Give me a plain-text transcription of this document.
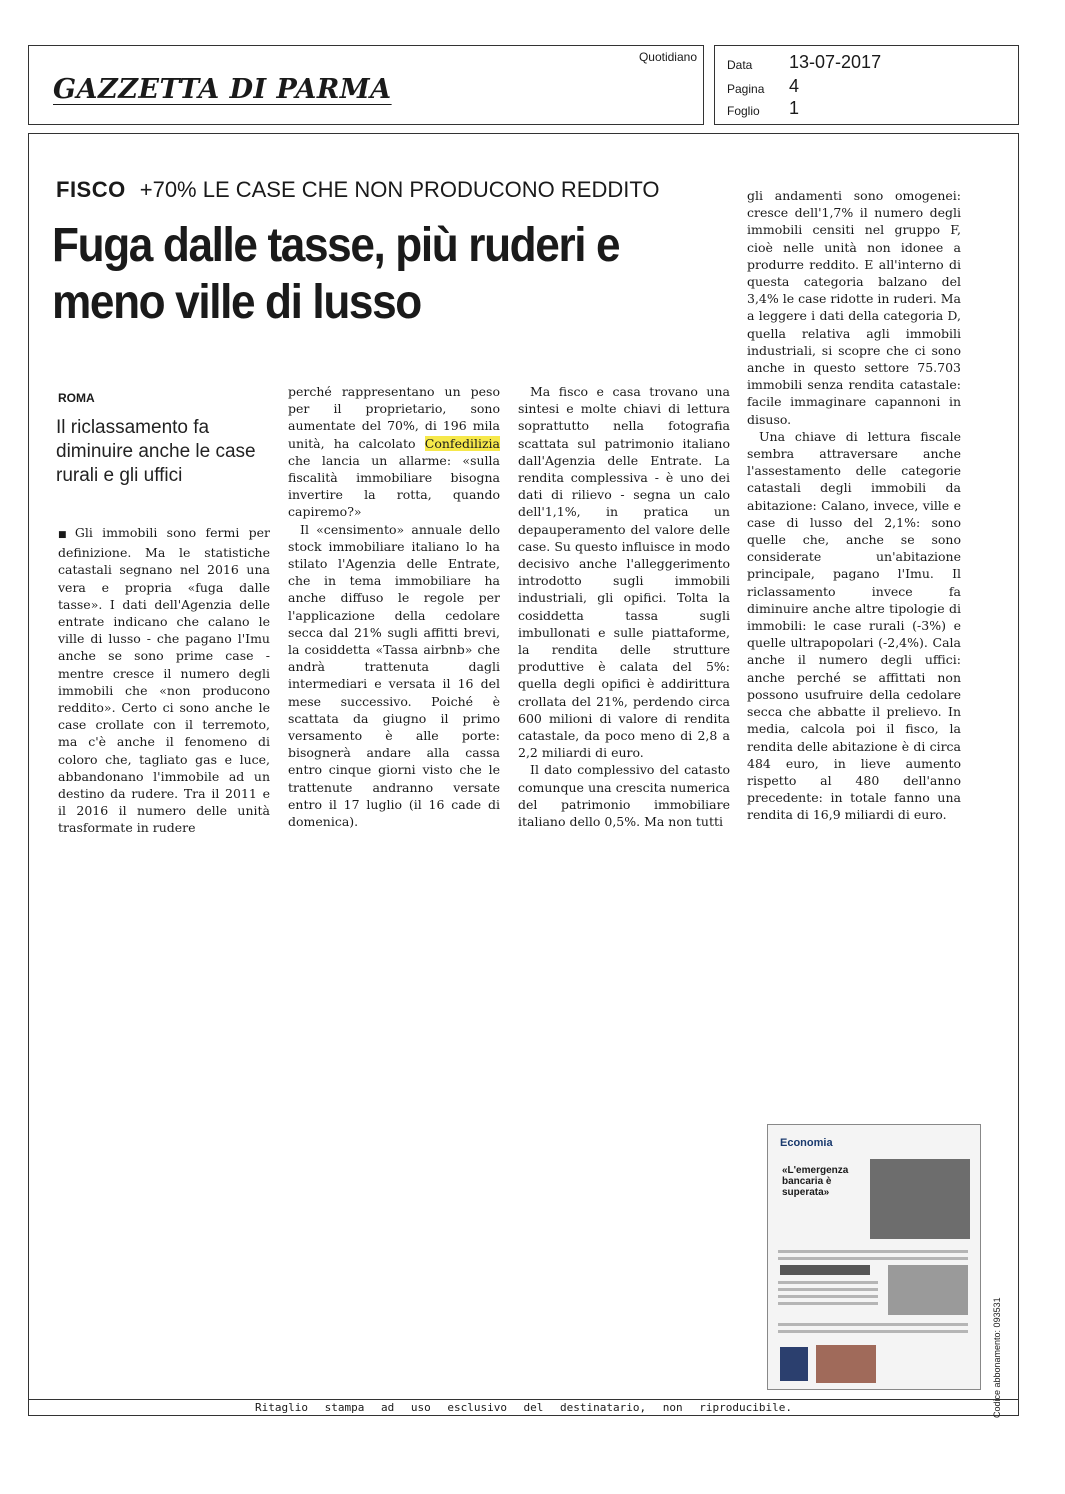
GAZZETTA DI PARMA
Quotidiano
Data 13-07-2017
Pagina 4
Foglio 1
FISCO +70% LE CASE CHE NON PRODUCONO REDDITO
Fuga dalle tasse, più ruderi e meno ville di lusso
ROMA
Il riclassamento fa diminuire anche le case rurali e gli uffici

■ Gli immobili sono fermi per definizione. Ma le statistiche catastali segnano nel 2016 una vera e propria «fuga dalle tasse». I dati dell'Agenzia delle entrate indicano che calano le ville di lusso - che pagano l'Imu anche se sono prime case - mentre cresce il numero degli immobili che «non producono reddito». Certo ci sono anche le case crollate con il terremoto, ma c'è anche il fenomeno di coloro che, tagliato gas e luce, abbandonano l'immobile ad un destino da rudere. Tra il 2011 e il 2016 il numero delle unità trasformate in rudere

perché rappresentano un peso per il proprietario, sono aumentate del 70%, di 196 mila unità, ha calcolato Confedilizia che lancia un allarme: «sulla fiscalità immobiliare bisogna invertire la rotta, quando capiremo?»

Il «censimento» annuale dello stock immobiliare italiano lo ha stilato l'Agenzia delle Entrate, che in tema immobiliare ha anche diffuso le regole per l'applicazione della cedolare secca dal 21% sugli affitti brevi, la cosiddetta «Tassa airbnb» che andrà trattenuta dagli intermediari e versata il 16 del mese successivo. Poiché è scattata da giugno il primo versamento è alle porte: bisognerà andare alla cassa entro cinque giorni visto che le trattenute andranno versate entro il 17 luglio (il 16 cade di domenica).

Ma fisco e casa trovano una sintesi e molte chiavi di lettura soprattutto nella fotografia scattata sul patrimonio italiano dall'Agenzia delle Entrate. La rendita complessiva - è uno dei dati di rilievo - segna un calo dell'1,1%, in pratica un depauperamento del valore delle case. Su questo influisce in modo decisivo anche l'alleggerimento introdotto sugli immobili industriali, gli opifici. Tolta la cosiddetta tassa sugli imbullonati e sulle piattaforme, la rendita delle strutture produttive è calata del 5%: quella degli opifici è addirittura crollata del 21%, perdendo circa 600 milioni di valore di rendita catastale, da poco meno di 2,8 a 2,2 miliardi di euro.

Il dato complessivo del catasto comunque una crescita numerica del patrimonio immobiliare italiano dello 0,5%. Ma non tutti

gli andamenti sono omogenei: cresce dell'1,7% il numero degli immobili censiti nel gruppo F, cioè nelle unità non idonee a produrre reddito. E all'interno di questa categoria balzano del 3,4% le case ridotte in ruderi. Ma a leggere i dati della categoria D, quella relativa agli immobili industriali, si scopre che ci sono anche in questo settore 75.703 immobili senza rendita catastale: facile immaginare capannoni in disuso.

Una chiave di lettura fiscale sembra attraversare anche l'assestamento delle categorie catastali degli immobili da abitazione: Calano, invece, ville e case di lusso del 2,1%: sono quelle che, anche se sono considerate un'abitazione principale, pagano l'Imu. Il riclassamento invece fa diminuire anche altre tipologie di immobili: le case rurali (-3%) e quelle ultrapopolari (-2,4%). Cala anche il numero degli uffici: anche perché se affittati non possono usufruire della cedolare secca che abbatte il prelievo. In media, calcola poi il fisco, la rendita delle abitazione è di circa 484 euro, in lieve aumento rispetto al 480 dell'anno precedente: in totale fanno una rendita di 16,9 miliardi di euro.

Economia
«L'emergenza bancaria è superata»
Codice abbonamento: 093531
Ritaglio stampa ad uso esclusivo del destinatario, non riproducibile.
